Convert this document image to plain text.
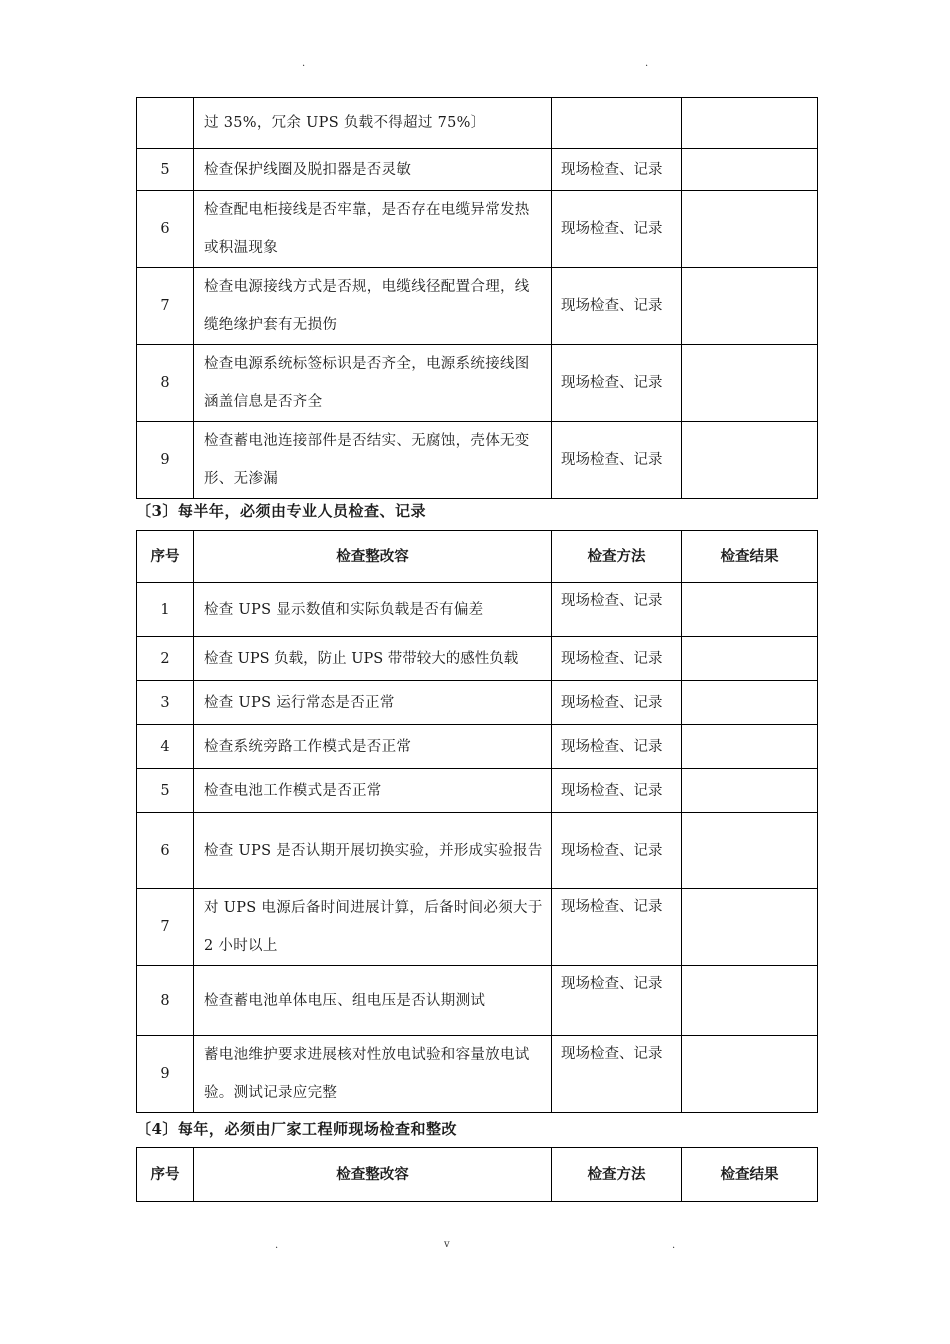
.	.
	过 35%，冗余 UPS 负载不得超过 75%〕		
5	检查保护线圈及脱扣器是否灵敏	现场检查、记录	
6	检查配电柜接线是否牢靠，是否存在电缆异常发热或积温现象	现场检查、记录	
7	检查电源接线方式是否规，电缆线径配置合理，线缆绝缘护套有无损伤	现场检查、记录	
8	检查电源系统标签标识是否齐全，电源系统接线图涵盖信息是否齐全	现场检查、记录	
9	检查蓄电池连接部件是否结实、无腐蚀，壳体无变形、无渗漏	现场检查、记录	
〔3〕每半年，必须由专业人员检查、记录
序号	检查整改容	检查方法	检查结果
1	检查 UPS 显示数值和实际负载是否有偏差	现场检查、记录	

2	检查 UPS 负载，防止 UPS 带带较大的感性负载	现场检查、记录	
3	检查 UPS 运行常态是否正常	现场检查、记录	
4	检查系统旁路工作模式是否正常	现场检查、记录	
5	检查电池工作模式是否正常	现场检查、记录	
6	检查 UPS 是否认期开展切换实验，并形成实验报告	现场检查、记录	
7	对 UPS 电源后备时间进展计算，后备时间必须大于 2 小时以上	现场检查、记录	

8	检查蓄电池单体电压、组电压是否认期测试	现场检查、记录	

9	蓄电池维护要求进展核对性放电试验和容量放电试验。测试记录应完整	现场检查、记录	

〔4〕每年，必须由厂家工程师现场检查和整改
序号	检查整改容	检查方法	检查结果
.	v	.
